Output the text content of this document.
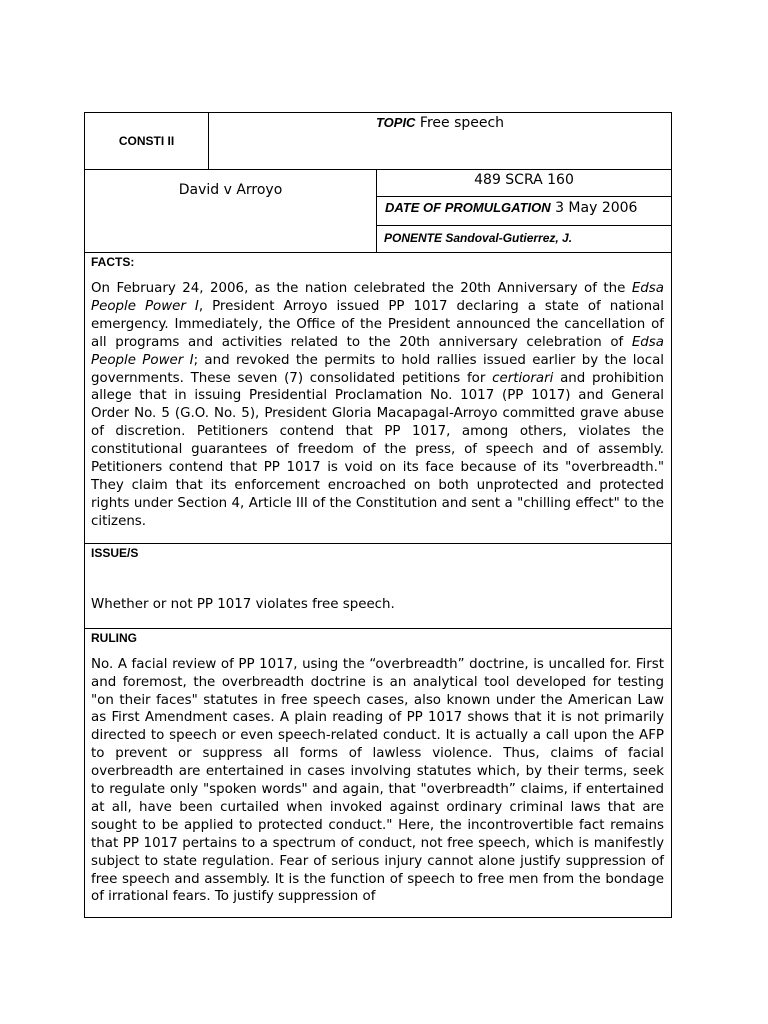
CONSTI II	TOPIC Free speech	

David v Arroyo		489 SCRA 160

		DATE OF PROMULGATION 3 May 2006

		PONENTE Sandoval-Gutierrez, J.

FACTS:
On February 24, 2006, as the nation celebrated the 20th Anniversary of the Edsa People Power I, President Arroyo issued PP 1017 declaring a state of national emergency. Immediately, the Office of the President announced the cancellation of all programs and activities related to the 20th anniversary celebration of Edsa People Power I; and revoked the permits to hold rallies issued earlier by the local governments. These seven (7) consolidated petitions for certiorari and prohibition allege that in issuing Presidential Proclamation No. 1017 (PP 1017) and General Order No. 5 (G.O. No. 5), President Gloria Macapagal-Arroyo committed grave abuse of discretion. Petitioners contend that PP 1017, among others, violates the constitutional guarantees of freedom of the press, of speech and of assembly. Petitioners contend that PP 1017 is void on its face because of its "overbreadth." They claim that its enforcement encroached on both unprotected and protected rights under Section 4, Article III of the Constitution and sent a "chilling effect" to the citizens.		

ISSUE/S
Whether or not PP 1017 violates free speech.		

RULING
No. A facial review of PP 1017, using the “overbreadth” doctrine, is uncalled for. First and foremost, the overbreadth doctrine is an analytical tool developed for testing "on their faces" statutes in free speech cases, also known under the American Law as First Amendment cases. A plain reading of PP 1017 shows that it is not primarily directed to speech or even speech-related conduct. It is actually a call upon the AFP to prevent or suppress all forms of lawless violence. Thus, claims of facial overbreadth are entertained in cases involving statutes which, by their terms, seek to regulate only "spoken words" and again, that "overbreadth” claims, if entertained at all, have been curtailed when invoked against ordinary criminal laws that are sought to be applied to protected conduct." Here, the incontrovertible fact remains that PP 1017 pertains to a spectrum of conduct, not free speech, which is manifestly subject to state regulation. Fear of serious injury cannot alone justify suppression of free speech and assembly. It is the function of speech to free men from the bondage of irrational fears. To justify suppression of		
